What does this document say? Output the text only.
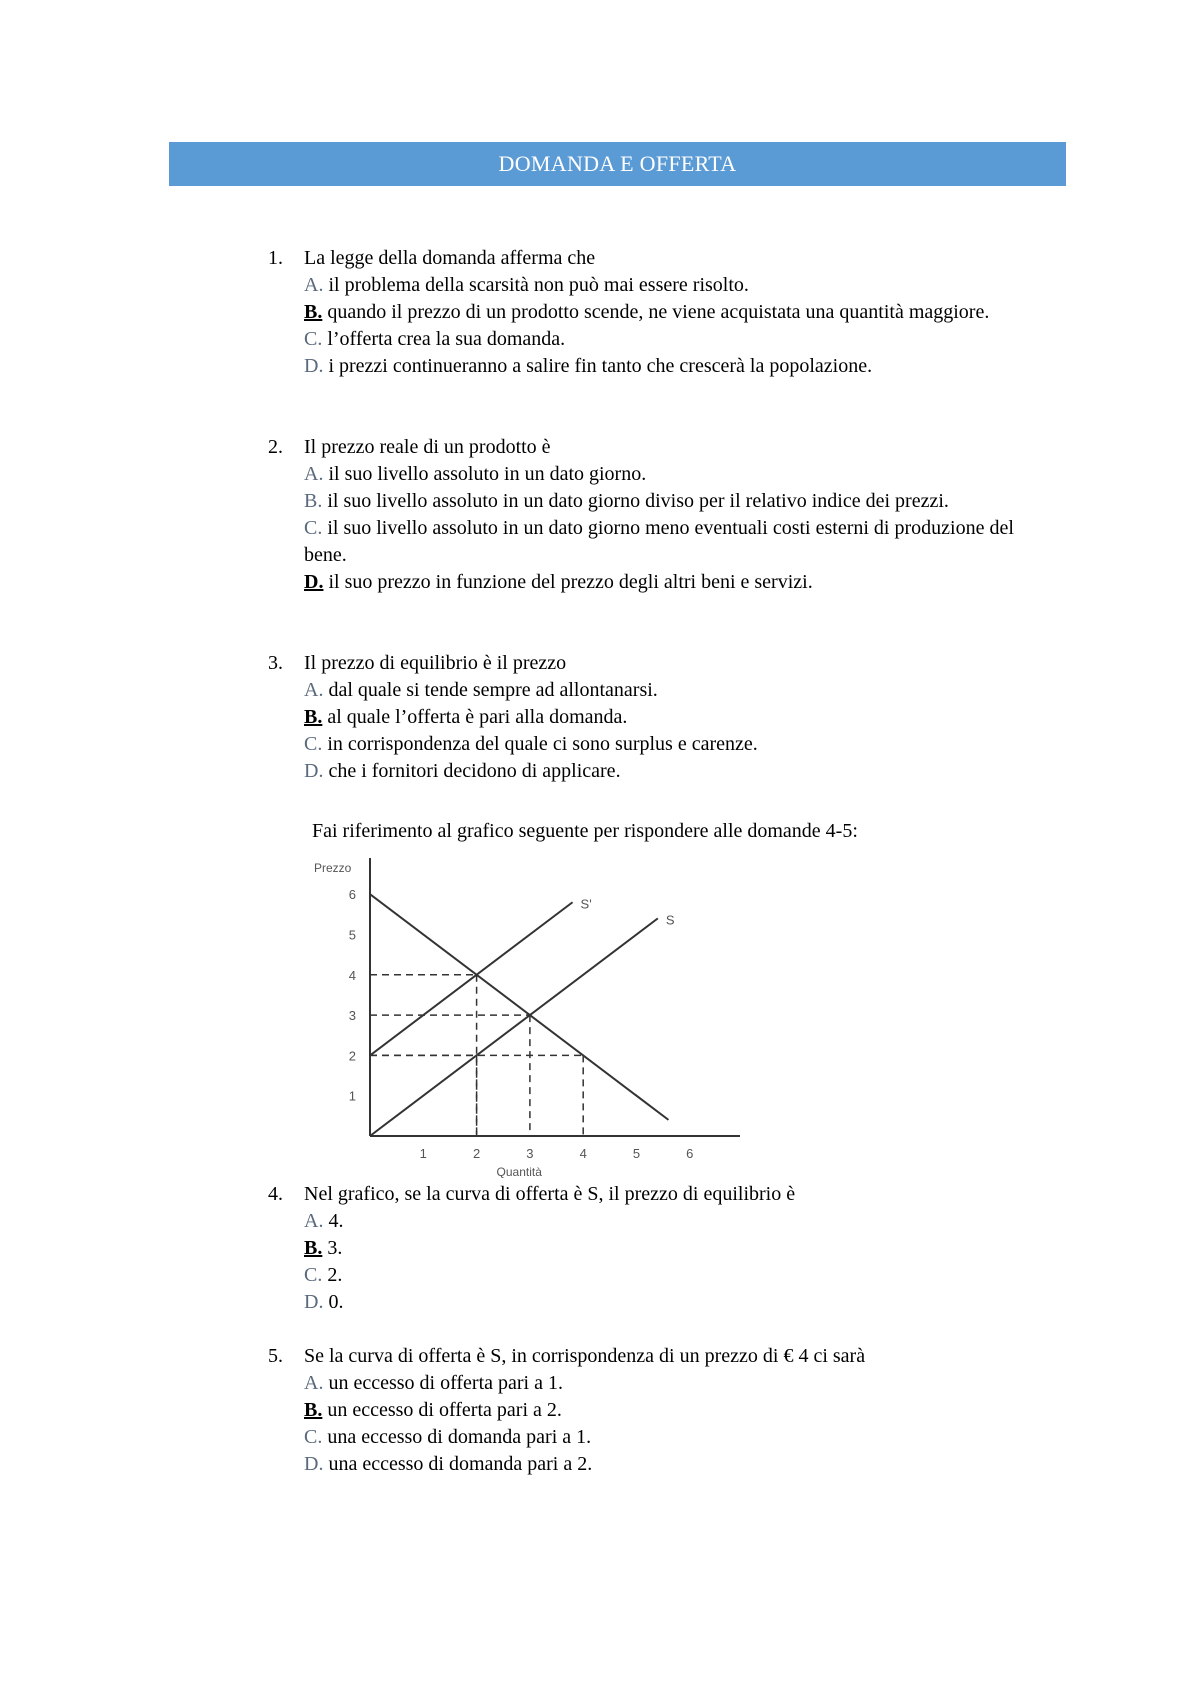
DOMANDA E OFFERTA
1. La legge della domanda afferma che
A. il problema della scarsità non può mai essere risolto.
B. quando il prezzo di un prodotto scende, ne viene acquistata una quantità maggiore.
C. l’offerta crea la sua domanda.
D. i prezzi continueranno a salire fin tanto che crescerà la popolazione.
2. Il prezzo reale di un prodotto è
A. il suo livello assoluto in un dato giorno.
B. il suo livello assoluto in un dato giorno diviso per il relativo indice dei prezzi.
C. il suo livello assoluto in un dato giorno meno eventuali costi esterni di produzione del bene.
D. il suo prezzo in funzione del prezzo degli altri beni e servizi.
3. Il prezzo di equilibrio è il prezzo
A. dal quale si tende sempre ad allontanarsi.
B. al quale l’offerta è pari alla domanda.
C. in corrispondenza del quale ci sono surplus e carenze.
D. che i fornitori decidono di applicare.
Fai riferimento al grafico seguente per rispondere alle domande 4-5:
S'
S
1	2	3	4	5	6
1
2
3
4
5
6
Prezzo
Quantità
4. Nel grafico, se la curva di offerta è S, il prezzo di equilibrio è
A. 4.
B. 3.
C. 2.
D. 0.
5. Se la curva di offerta è S, in corrispondenza di un prezzo di € 4 ci sarà
A. un eccesso di offerta pari a 1.
B. un eccesso di offerta pari a 2.
C. una eccesso di domanda pari a 1.
D. una eccesso di domanda pari a 2.
